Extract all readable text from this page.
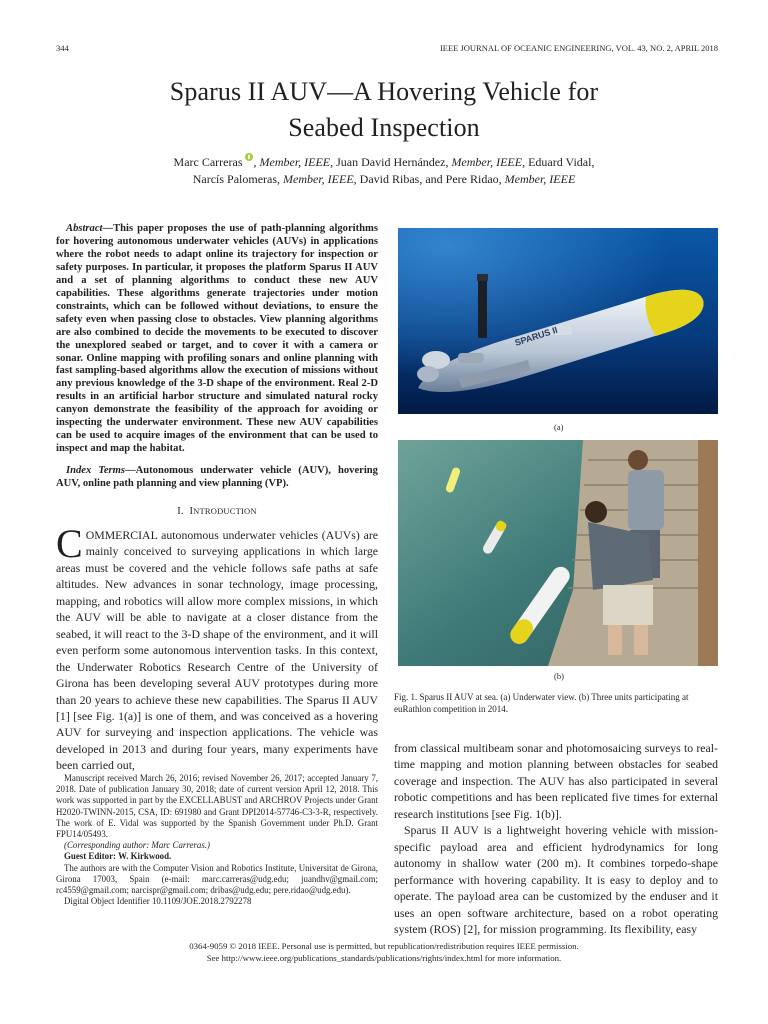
344	IEEE JOURNAL OF OCEANIC ENGINEERING, VOL. 43, NO. 2, APRIL 2018
Sparus II AUV—A Hovering Vehicle for
Seabed Inspection
Marc Carreras , Member, IEEE, Juan David Hernández, Member, IEEE, Eduard Vidal,
Narcís Palomeras, Member, IEEE, David Ribas, and Pere Ridao, Member, IEEE
Abstract—This paper proposes the use of path-planning algorithms for hovering autonomous underwater vehicles (AUVs) in applications where the robot needs to adapt online its trajectory for inspection or safety purposes. In particular, it proposes the platform Sparus II AUV and a set of planning algorithms to conduct these new AUV capabilities. These algorithms generate trajectories under motion constraints, which can be followed without deviations, to ensure the safety even when passing close to obstacles. View planning algorithms are also combined to decide the movements to be executed to discover the unexplored seabed or target, and to cover it with a camera or sonar. Online mapping with profiling sonars and online planning with fast sampling-based algorithms allow the execution of missions without any previous knowledge of the 3-D shape of the environment. Real 2-D results in an artificial harbor structure and simulated natural rocky canyon demonstrate the feasibility of the approach for avoiding or inspecting the underwater environment. These new AUV capabilities can be used to acquire images of the environment that can be used to inspect and map the habitat.
Index Terms—Autonomous underwater vehicle (AUV), hovering AUV, online path planning and view planning (VP).
I. INTRODUCTION
COMMERCIAL autonomous underwater vehicles (AUVs) are mainly conceived to surveying applications in which large areas must be covered and the vehicle follows safe paths at safe altitudes. New advances in sonar technology, image processing, mapping, and robotics will allow more complex missions, in which the AUV will be able to navigate at a closer distance from the seabed, it will react to the 3-D shape of the environment, and it will even perform some autonomous intervention tasks. In this context, the Underwater Robotics Research Centre of the University of Girona has been developing several AUV prototypes during more than 20 years to achieve these new capabilities. The Sparus II AUV [1] [see Fig. 1(a)] is one of them, and was conceived as a hovering AUV for surveying and inspection applications. The vehicle was developed in 2013 and during four years, many experiments have been carried out,

Manuscript received March 26, 2016; revised November 26, 2017; accepted January 7, 2018. Date of publication January 30, 2018; date of current version April 12, 2018. This work was supported in part by the EXCELLABUST and ARCHROV Projects under Grant H2020-TWINN-2015, CSA, ID: 691980 and Grant DPI2014-57746-C3-3-R, respectively. The work of E. Vidal was supported by the Spanish Government under Ph.D. Grant FPU14/05493.

(Corresponding author: Marc Carreras.)

Guest Editor: W. Kirkwood.

The authors are with the Computer Vision and Robotics Institute, Universitat de Girona, Girona 17003, Spain (e-mail: marc.carreras@udg.edu; juandhv@gmail.com; rc4559@gmail.com; narcispr@gmail.com; dribas@udg.edu; pere.ridao@udg.edu).

Digital Object Identifier 10.1109/JOE.2018.2792278

SPARUS II
(a)
(b)
Fig. 1. Sparus II AUV at sea. (a) Underwater view. (b) Three units participating at euRathlon competition in 2014.

from classical multibeam sonar and photomosaicing surveys to real-time mapping and motion planning between obstacles for seabed coverage and inspection. The AUV has also participated in several robotic competitions and has been replicated five times for external research institutions [see Fig. 1(b)].

Sparus II AUV is a lightweight hovering vehicle with mission-specific payload area and efficient hydrodynamics for long autonomy in shallow water (200 m). It combines torpedo-shape performance with hovering capability. It is easy to deploy and to operate. The payload area can be customized by the enduser and it uses an open software architecture, based on a robot operating system (ROS) [2], for mission programming. Its flexibility, easy

0364-9059 © 2018 IEEE. Personal use is permitted, but republication/redistribution requires IEEE permission.
See http://www.ieee.org/publications_standards/publications/rights/index.html for more information.
